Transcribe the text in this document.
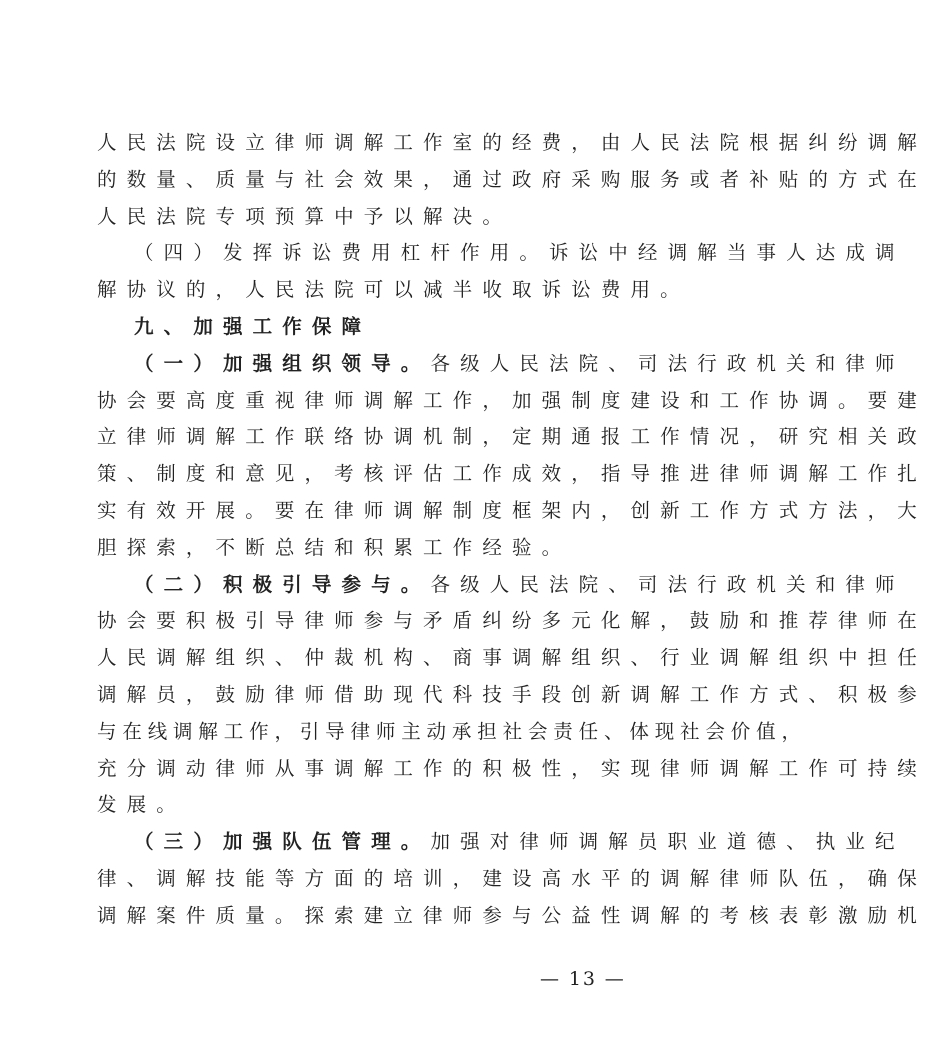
人民法院设立律师调解工作室的经费，由人民法院根据纠纷调解
的数量、质量与社会效果，通过政府采购服务或者补贴的方式在
人民法院专项预算中予以解决。
（四）发挥诉讼费用杠杆作用。诉讼中经调解当事人达成调
解协议的，人民法院可以减半收取诉讼费用。
九、加强工作保障
（一）加强组织领导。各级人民法院、司法行政机关和律师
协会要高度重视律师调解工作，加强制度建设和工作协调。要建
立律师调解工作联络协调机制，定期通报工作情况，研究相关政
策、制度和意见，考核评估工作成效，指导推进律师调解工作扎
实有效开展。要在律师调解制度框架内，创新工作方式方法，大
胆探索，不断总结和积累工作经验。
（二）积极引导参与。各级人民法院、司法行政机关和律师
协会要积极引导律师参与矛盾纠纷多元化解，鼓励和推荐律师在
人民调解组织、仲裁机构、商事调解组织、行业调解组织中担任
调解员，鼓励律师借助现代科技手段创新调解工作方式、积极参
与在线调解工作，引导律师主动承担社会责任、体现社会价值，
充分调动律师从事调解工作的积极性，实现律师调解工作可持续
发展。
（三）加强队伍管理。加强对律师调解员职业道德、执业纪
律、调解技能等方面的培训，建设高水平的调解律师队伍，确保
调解案件质量。探索建立律师参与公益性调解的考核表彰激励机
— 13 —
